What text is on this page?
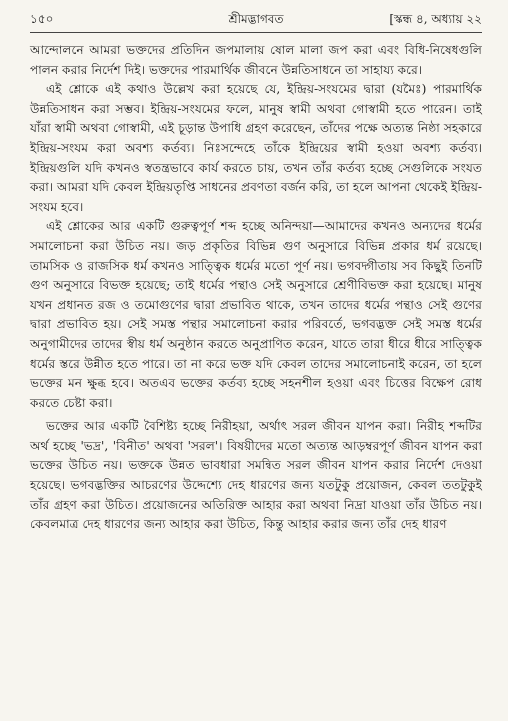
১৫০	শ্রীমদ্ভাগবত	[স্কন্ধ ৪, অধ্যায় ২২

আন্দোলনে আমরা ভক্তদের প্রতিদিন জপমালায় ষোল মালা জপ করা এবং বিধি-নিষেধগুলি পালন করার নির্দেশ দিই। ভক্তদের পারমার্থিক জীবনে উন্নতিসাধনে তা সাহায্য করে।

এই শ্লোকে এই কথাও উল্লেখ করা হয়েছে যে, ইন্দ্রিয়-সংযমের দ্বারা (যমৈঃ) পারমার্থিক উন্নতিসাধন করা সম্ভব। ইন্দ্রিয়-সংযমের ফলে, মানুষ স্বামী অথবা গোস্বামী হতে পারেন। তাই যাঁরা স্বামী অথবা গোস্বামী, এই চূড়ান্ত উপাধি গ্রহণ করেছেন, তাঁদের পক্ষে অত্যন্ত নিষ্ঠা সহকারে ইন্দ্রিয়-সংযম করা অবশ্য কর্তব্য। নিঃসন্দেহে তাঁকে ইন্দ্রিয়ের স্বামী হওয়া অবশ্য কর্তব্য। ইন্দ্রিয়গুলি যদি কখনও স্বতন্ত্রভাবে কার্য করতে চায়, তখন তাঁর কর্তব্য হচ্ছে সেগুলিকে সংযত করা। আমরা যদি কেবল ইন্দ্রিয়তৃপ্তি সাধনের প্রবণতা বর্জন করি, তা হলে আপনা থেকেই ইন্দ্রিয়-সংযম হবে।

এই শ্লোকের আর একটি গুরুত্বপূর্ণ শব্দ হচ্ছে অনিন্দয়া—আমাদের কখনও অন্যদের ধর্মের সমালোচনা করা উচিত নয়। জড় প্রকৃতির বিভিন্ন গুণ অনুসারে বিভিন্ন প্রকার ধর্ম রয়েছে। তামসিক ও রাজসিক ধর্ম কখনও সাত্ত্বিক ধর্মের মতো পূর্ণ নয়। ভগবদ্গীতায় সব কিছুই তিনটি গুণ অনুসারে বিভক্ত হয়েছে; তাই ধর্মের পন্থাও সেই অনুসারে শ্রেণীবিভক্ত করা হয়েছে। মানুষ যখন প্রধানত রজ ও তমোগুণের দ্বারা প্রভাবিত থাকে, তখন তাদের ধর্মের পন্থাও সেই গুণের দ্বারা প্রভাবিত হয়। সেই সমস্ত পন্থার সমালোচনা করার পরিবর্তে, ভগবদ্ভক্ত সেই সমস্ত ধর্মের অনুগামীদের তাদের স্বীয় ধর্ম অনুষ্ঠান করতে অনুপ্রাণিত করেন, যাতে তারা ধীরে ধীরে সাত্ত্বিক ধর্মের স্তরে উন্নীত হতে পারে। তা না করে ভক্ত যদি কেবল তাদের সমালোচনাই করেন, তা হলে ভক্তের মন ক্ষুব্ধ হবে। অতএব ভক্তের কর্তব্য হচ্ছে সহনশীল হওয়া এবং চিত্তের বিক্ষেপ রোধ করতে চেষ্টা করা।

ভক্তের আর একটি বৈশিষ্ট্য হচ্ছে নিরীহয়া, অর্থাৎ সরল জীবন যাপন করা। নিরীহ শব্দটির অর্থ হচ্ছে 'ভদ্র', 'বিনীত' অথবা 'সরল'। বিষয়ীদের মতো অত্যন্ত আড়ম্বরপূর্ণ জীবন যাপন করা ভক্তের উচিত নয়। ভক্তকে উন্নত ভাবধারা সমন্বিত সরল জীবন যাপন করার নির্দেশ দেওয়া হয়েছে। ভগবদ্ভক্তির আচরণের উদ্দেশ্যে দেহ ধারণের জন্য যতটুকু প্রয়োজন, কেবল ততটুকুই তাঁর গ্রহণ করা উচিত। প্রয়োজনের অতিরিক্ত আহার করা অথবা নিদ্রা যাওয়া তাঁর উচিত নয়। কেবলমাত্র দেহ ধারণের জন্য আহার করা উচিত, কিন্তু আহার করার জন্য তাঁর দেহ ধারণ
